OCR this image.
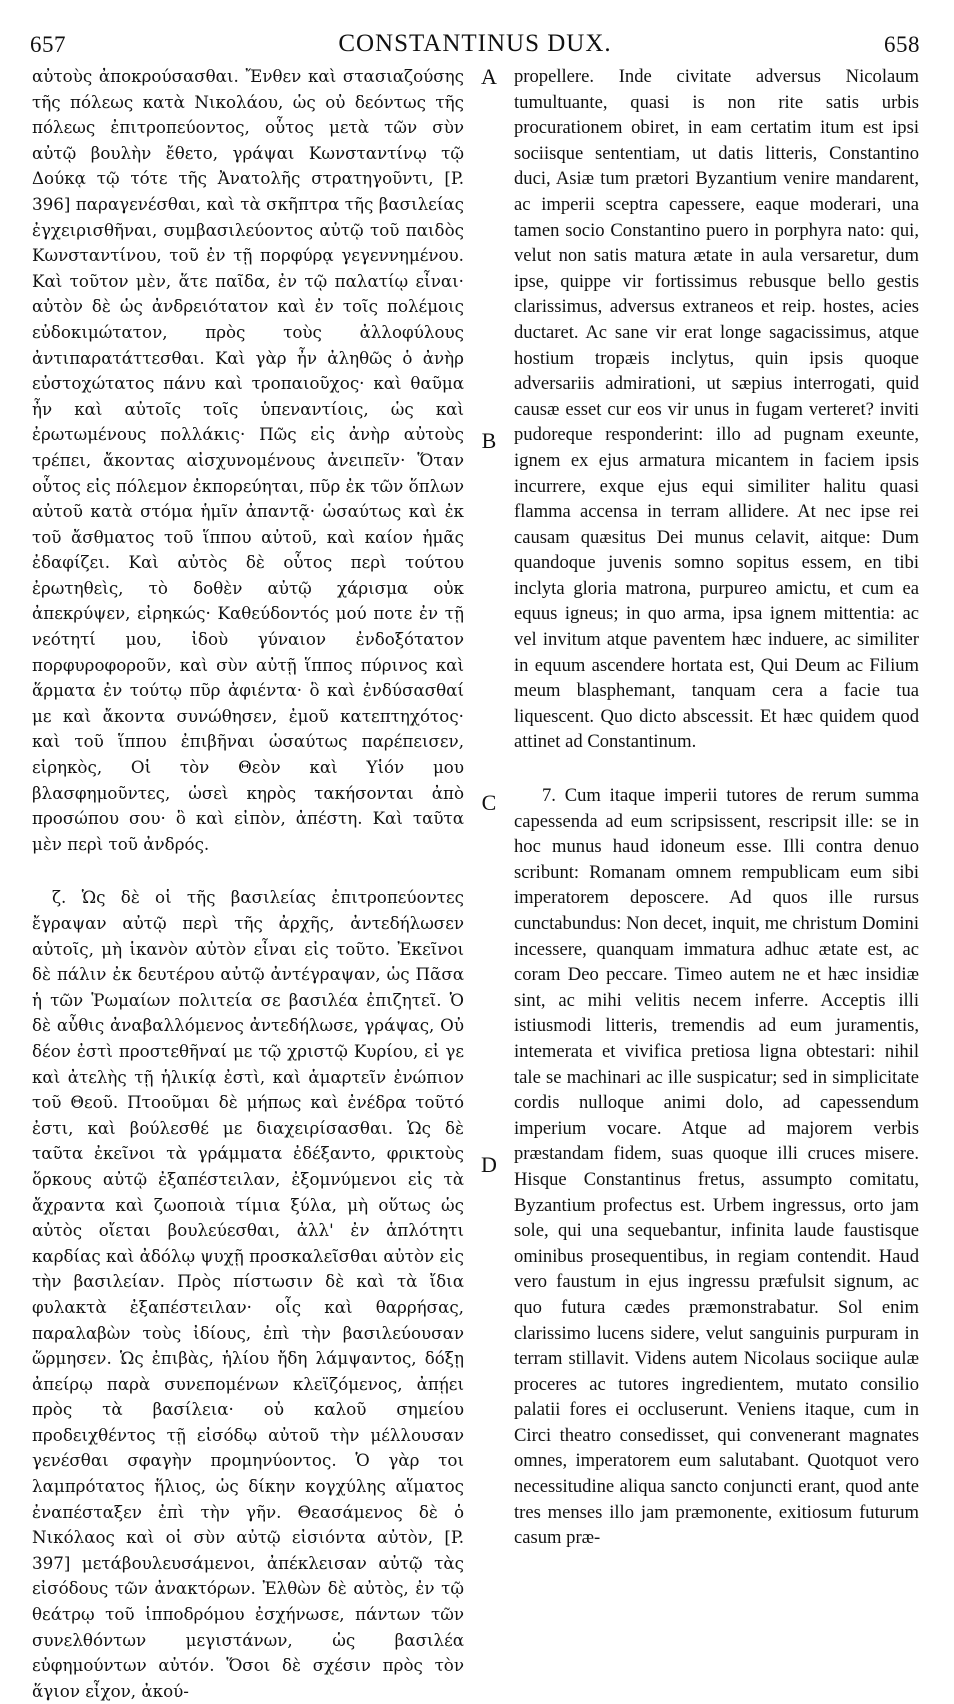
657	CONSTANTINUS DUX.	658

αὐτοὺς ἀποκρούσασθαι. Ἔνθεν καὶ στασιαζούσης τῆς πόλεως κατὰ Νικολάου, ὡς οὐ δεόντως τῆς πόλεως ἐπιτροπεύοντος, οὗτος μετὰ τῶν σὺν αὐτῷ βουλὴν ἔθετο, γράψαι Κωνσταντίνῳ τῷ Δούκᾳ τῷ τότε τῆς Ἀνατολῆς στρατηγοῦντι, [P. 396] παραγενέσθαι, καὶ τὰ σκῆπτρα τῆς βασιλείας ἐγχειρισθῆναι, συμβασιλεύοντος αὐτῷ τοῦ παιδὸς Κωνσταντίνου, τοῦ ἐν τῇ πορφύρᾳ γεγεννημένου. Καὶ τοῦτον μὲν, ἅτε παῖδα, ἐν τῷ παλατίῳ εἶναι· αὐτὸν δὲ ὡς ἀνδρειότατον καὶ ἐν τοῖς πολέμοις εὐδοκιμώτατον, πρὸς τοὺς ἀλλοφύλους ἀντιπαρατάττεσθαι. Καὶ γὰρ ἦν ἀληθῶς ὁ ἀνὴρ εὐστοχώτατος πάνυ καὶ τροπαιοῦχος· καὶ θαῦμα ἦν καὶ αὐτοῖς τοῖς ὑπεναντίοις, ὡς καὶ ἐρωτωμένους πολλάκις· Πῶς εἰς ἀνὴρ αὐτοὺς τρέπει, ἄκοντας αἰσχυνομένους ἀνειπεῖν· Ὅταν οὗτος εἰς πόλεμον ἐκπορεύηται, πῦρ ἐκ τῶν ὅπλων αὐτοῦ κατὰ στόμα ἡμῖν ἀπαντᾷ· ὡσαύτως καὶ ἐκ τοῦ ἄσθματος τοῦ ἵππου αὐτοῦ, καὶ καίον ἡμᾶς ἐδαφίζει. Καὶ αὐτὸς δὲ οὗτος περὶ τούτου ἐρωτηθεὶς, τὸ δοθὲν αὐτῷ χάρισμα οὐκ ἀπεκρύψεν, εἰρηκώς· Καθεύδοντός μού ποτε ἐν τῇ νεότητί μου, ἰδοὺ γύναιον ἐνδοξότατον πορφυροφοροῦν, καὶ σὺν αὐτῇ ἵππος πύρινος καὶ ἅρματα ἐν τούτῳ πῦρ ἀφιέντα· ὃ καὶ ἐνδύσασθαί με καὶ ἄκοντα συνώθησεν, ἐμοῦ κατεπτηχότος· καὶ τοῦ ἵππου ἐπιβῆναι ὡσαύτως παρέπεισεν, εἰρηκὸς, Οἱ τὸν Θεὸν καὶ Υἱόν μου βλασφημοῦντες, ὡσεὶ κηρὸς τακήσονται ἀπὸ προσώπου σου· ὃ καὶ εἰπὸν, ἀπέστη. Καὶ ταῦτα μὲν περὶ τοῦ ἀνδρός.

ζ. Ὡς δὲ οἱ τῆς βασιλείας ἐπιτροπεύοντες ἔγραψαν αὐτῷ περὶ τῆς ἀρχῆς, ἀντεδήλωσεν αὐτοῖς, μὴ ἱκανὸν αὐτὸν εἶναι εἰς τοῦτο. Ἐκεῖνοι δὲ πάλιν ἐκ δευτέρου αὐτῷ ἀντέγραψαν, ὡς Πᾶσα ἡ τῶν Ῥωμαίων πολιτεία σε βασιλέα ἐπιζητεῖ. Ὁ δὲ αὖθις ἀναβαλλόμενος ἀντεδήλωσε, γράψας, Οὐ δέον ἐστὶ προστεθῆναί με τῷ χριστῷ Κυρίου, εἰ γε καὶ ἀτελὴς τῇ ἡλικίᾳ ἐστὶ, καὶ ἁμαρτεῖν ἐνώπιον τοῦ Θεοῦ. Πτοοῦμαι δὲ μήπως καὶ ἐνέδρα τοῦτό ἐστι, καὶ βούλεσθέ με διαχειρίσασθαι. Ὡς δὲ ταῦτα ἐκεῖνοι τὰ γράμματα ἐδέξαντο, φρικτοὺς ὅρκους αὐτῷ ἐξαπέστειλαν, ἐξομνύμενοι εἰς τὰ ἄχραντα καὶ ζωοποιὰ τίμια ξύλα, μὴ οὕτως ὡς αὐτὸς οἴεται βουλεύεσθαι, ἀλλ' ἐν ἁπλότητι καρδίας καὶ ἀδόλῳ ψυχῇ προσκαλεῖσθαι αὐτὸν εἰς τὴν βασιλείαν. Πρὸς πίστωσιν δὲ καὶ τὰ ἴδια φυλακτὰ ἐξαπέστειλαν· οἷς καὶ θαρρήσας, παραλαβὼν τοὺς ἰδίους, ἐπὶ τὴν βασιλεύουσαν ὥρμησεν. Ὡς ἐπιβὰς, ἡλίου ἤδη λάμψαντος, δόξῃ ἀπείρῳ παρὰ συνεπομένων κλεϊζόμενος, ἀπῄει πρὸς τὰ βασίλεια· οὐ καλοῦ σημείου προδειχθέντος τῇ εἰσόδῳ αὐτοῦ τὴν μέλλουσαν γενέσθαι σφαγὴν προμηνύοντος. Ὁ γὰρ τοι λαμπρότατος ἥλιος, ὡς δίκην κογχύλης αἵματος ἐναπέσταξεν ἐπὶ τὴν γῆν. Θεασάμενος δὲ ὁ Νικόλαος καὶ οἱ σὺν αὐτῷ εἰσιόντα αὐτὸν, [P. 397] μετάβουλευσάμενοι, ἀπέκλεισαν αὐτῷ τὰς εἰσόδους τῶν ἀνακτόρων. Ἐλθὼν δὲ αὐτὸς, ἐν τῷ θεάτρῳ τοῦ ἱπποδρόμου ἐσχήνωσε, πάντων τῶν συνελθόντων μεγιστάνων, ὡς βασιλέα εὐφημούντων αὐτόν. Ὅσοι δὲ σχέσιν πρὸς τὸν ἅγιον εἶχον, ἀκού-

A
B
C
D

propellere. Inde civitate adversus Nicolaum tumultuante, quasi is non rite satis urbis procurationem obiret, in eam certatim itum est ipsi sociisque sententiam, ut datis litteris, Constantino duci, Asiæ tum prætori Byzantium venire mandarent, ac imperii sceptra capessere, eaque moderari, una tamen socio Constantino puero in porphyra nato: qui, velut non satis matura ætate in aula versaretur, dum ipse, quippe vir fortissimus rebusque bello gestis clarissimus, adversus extraneos et reip. hostes, acies ductaret. Ac sane vir erat longe sagacissimus, atque hostium tropæis inclytus, quin ipsis quoque adversariis admirationi, ut sæpius interrogati, quid causæ esset cur eos vir unus in fugam verteret? inviti pudoreque responderint: illo ad pugnam exeunte, ignem ex ejus armatura micantem in faciem ipsis incurrere, exque ejus equi similiter halitu quasi flamma accensa in terram allidere. At nec ipse rei causam quæsitus Dei munus celavit, aitque: Dum quandoque juvenis somno sopitus essem, en tibi inclyta gloria matrona, purpureo amictu, et cum ea equus igneus; in quo arma, ipsa ignem mittentia: ac vel invitum atque paventem hæc induere, ac similiter in equum ascendere hortata est, Qui Deum ac Filium meum blasphemant, tanquam cera a facie tua liquescent. Quo dicto abscessit. Et hæc quidem quod attinet ad Constantinum.

7. Cum itaque imperii tutores de rerum summa capessenda ad eum scripsissent, rescripsit ille: se in hoc munus haud idoneum esse. Illi contra denuo scribunt: Romanam omnem rempublicam eum sibi imperatorem deposcere. Ad quos ille rursus cunctabundus: Non decet, inquit, me christum Domini incessere, quanquam immatura adhuc ætate est, ac coram Deo peccare. Timeo autem ne et hæc insidiæ sint, ac mihi velitis necem inferre. Acceptis illi istiusmodi litteris, tremendis ad eum juramentis, intemerata et vivifica pretiosa ligna obtestari: nihil tale se machinari ac ille suspicatur; sed in simplicitate cordis nulloque animi dolo, ad capessendum imperium vocare. Atque ad majorem verbis præstandam fidem, suas quoque illi cruces misere. Hisque Constantinus fretus, assumpto comitatu, Byzantium profectus est. Urbem ingressus, orto jam sole, qui una sequebantur, infinita laude faustisque ominibus prosequentibus, in regiam contendit. Haud vero faustum in ejus ingressu præfulsit signum, ac quo futura cædes præmonstrabatur. Sol enim clarissimo lucens sidere, velut sanguinis purpuram in terram stillavit. Videns autem Nicolaus sociique aulæ proceres ac tutores ingredientem, mutato consilio palatii fores ei occluserunt. Veniens itaque, cum in Circi theatro consedisset, qui convenerant magnates omnes, imperatorem eum salutabant. Quotquot vero necessitudine aliqua sancto conjuncti erant, quod ante tres menses illo jam præmonente, exitiosum futurum casum præ-
